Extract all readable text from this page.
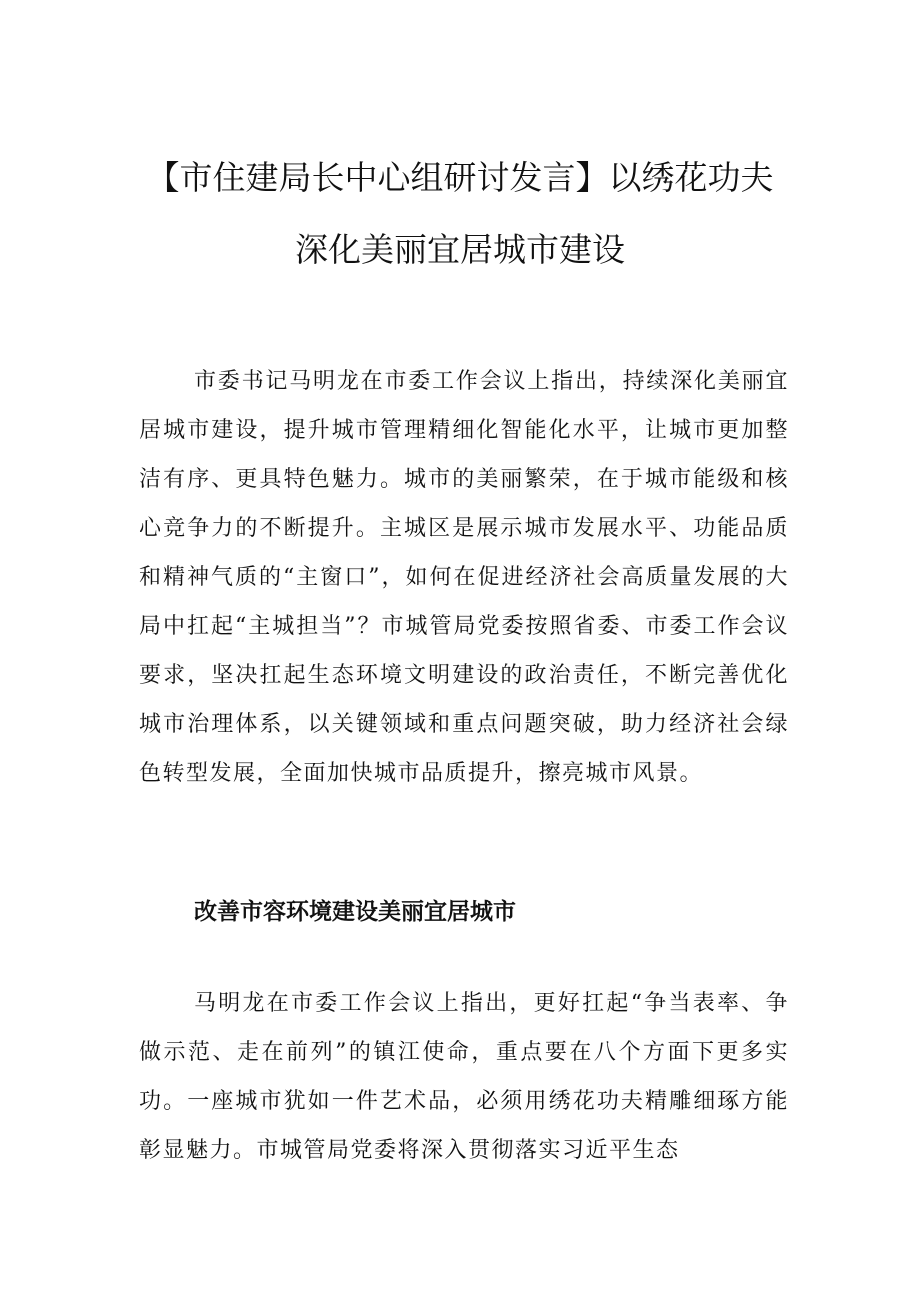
【市住建局长中心组研讨发言】以绣花功夫
深化美丽宜居城市建设

市委书记马明龙在市委工作会议上指出，持续深化美丽宜居城市建设，提升城市管理精细化智能化水平，让城市更加整洁有序、更具特色魅力。城市的美丽繁荣，在于城市能级和核心竞争力的不断提升。主城区是展示城市发展水平、功能品质和精神气质的“主窗口”，如何在促进经济社会高质量发展的大局中扛起“主城担当”？市城管局党委按照省委、市委工作会议要求，坚决扛起生态环境文明建设的政治责任，不断完善优化城市治理体系，以关键领域和重点问题突破，助力经济社会绿色转型发展，全面加快城市品质提升，擦亮城市风景。

改善市容环境建设美丽宜居城市

马明龙在市委工作会议上指出，更好扛起“争当表率、争做示范、走在前列”的镇江使命，重点要在八个方面下更多实功。一座城市犹如一件艺术品，必须用绣花功夫精雕细琢方能彰显魅力。市城管局党委将深入贯彻落实习近平生态
